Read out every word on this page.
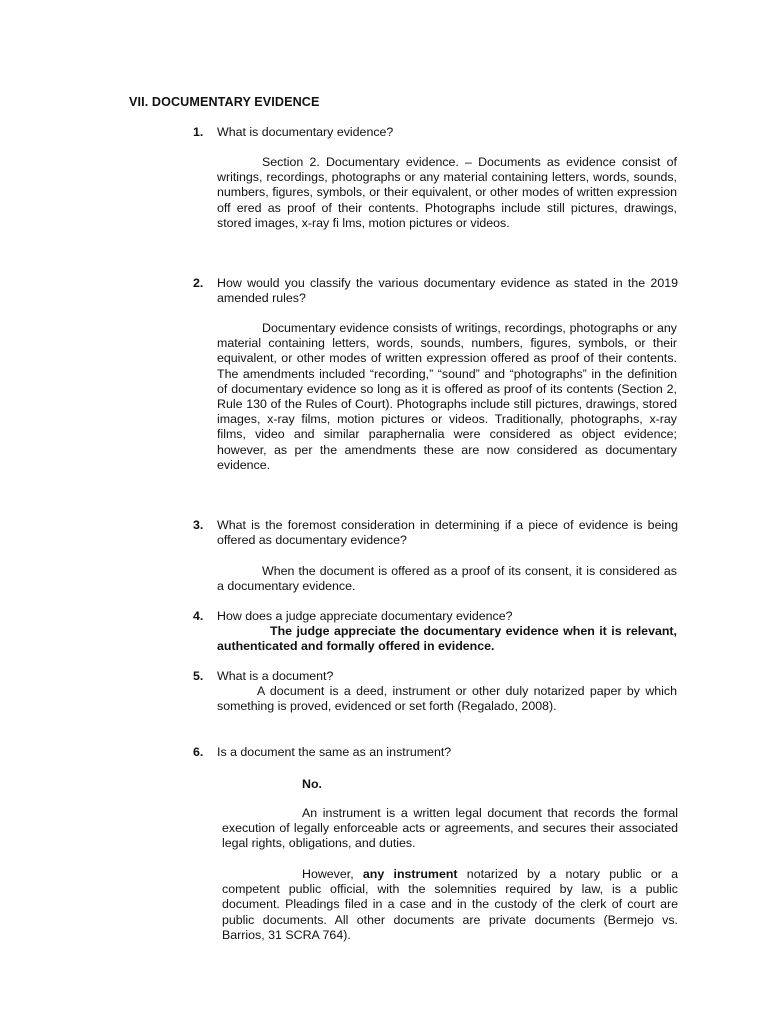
VII. DOCUMENTARY EVIDENCE
1. What is documentary evidence?
Section 2. Documentary evidence. – Documents as evidence consist of writings, recordings, photographs or any material containing letters, words, sounds, numbers, figures, symbols, or their equivalent, or other modes of written expression off ered as proof of their contents. Photographs include still pictures, drawings, stored images, x-ray fi lms, motion pictures or videos.
2. How would you classify the various documentary evidence as stated in the 2019 amended rules?
Documentary evidence consists of writings, recordings, photographs or any material containing letters, words, sounds, numbers, figures, symbols, or their equivalent, or other modes of written expression offered as proof of their contents. The amendments included “recording,” “sound” and “photographs” in the definition of documentary evidence so long as it is offered as proof of its contents (Section 2, Rule 130 of the Rules of Court). Photographs include still pictures, drawings, stored images, x-ray films, motion pictures or videos. Traditionally, photographs, x-ray films, video and similar paraphernalia were considered as object evidence; however, as per the amendments these are now considered as documentary evidence.
3. What is the foremost consideration in determining if a piece of evidence is being offered as documentary evidence?
When the document is offered as a proof of its consent, it is considered as a documentary evidence.
4. How does a judge appreciate documentary evidence?
The judge appreciate the documentary evidence when it is relevant, authenticated and formally offered in evidence.
5. What is a document?
A document is a deed, instrument or other duly notarized paper by which something is proved, evidenced or set forth (Regalado, 2008).
6. Is a document the same as an instrument?
No.
An instrument is a written legal document that records the formal execution of legally enforceable acts or agreements, and secures their associated legal rights, obligations, and duties.
However, any instrument notarized by a notary public or a competent public official, with the solemnities required by law, is a public document. Pleadings filed in a case and in the custody of the clerk of court are public documents. All other documents are private documents (Bermejo vs. Barrios, 31 SCRA 764).
